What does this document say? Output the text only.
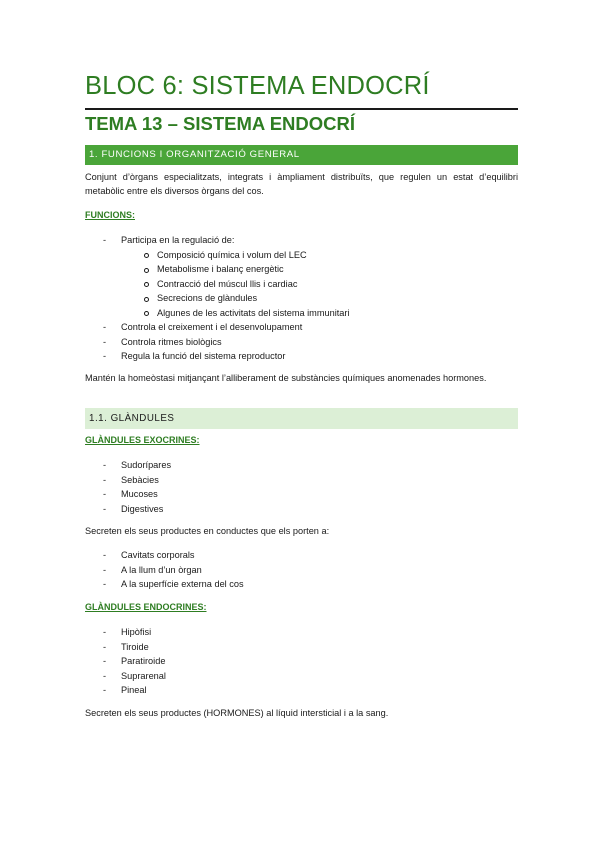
BLOC 6: SISTEMA ENDOCRÍ
TEMA 13 – SISTEMA ENDOCRÍ
1. FUNCIONS I ORGANITZACIÓ GENERAL
Conjunt d’òrgans especialitzats, integrats i àmpliament distribuïts, que regulen un estat d’equilibri metabòlic entre els diversos òrgans del cos.
FUNCIONS:
- Participa en la regulació de:
Composició química i volum del LEC
Metabolisme i balanç energètic
Contracció del múscul llis i cardiac
Secrecions de glàndules
Algunes de les activitats del sistema immunitari
- Controla el creixement i el desenvolupament
- Controla ritmes biològics
- Regula la funció del sistema reproductor
Mantén la homeòstasi mitjançant l’alliberament de substàncies químiques anomenades hormones.
1.1. GLÀNDULES
GLÀNDULES EXOCRINES:
- Sudorípares
- Sebàcies
- Mucoses
- Digestives
Secreten els seus productes en conductes que els porten a:
- Cavitats corporals
- A la llum d’un òrgan
- A la superfície externa del cos
GLÀNDULES ENDOCRINES:
- Hipòfisi
- Tiroide
- Paratiroide
- Suprarenal
- Pineal
Secreten els seus productes (HORMONES) al líquid intersticial i a la sang.
